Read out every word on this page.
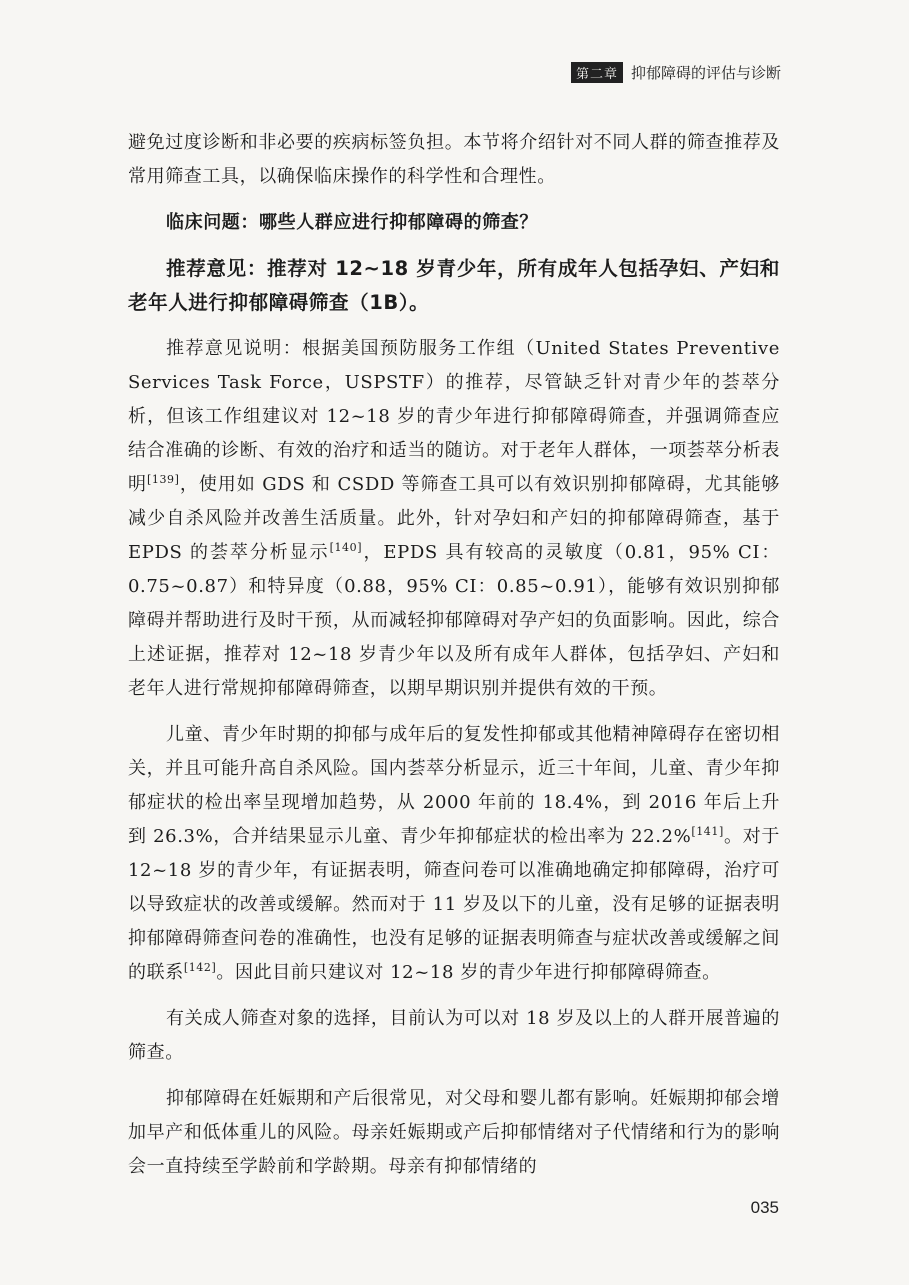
第二章 抑郁障碍的评估与诊断

避免过度诊断和非必要的疾病标签负担。本节将介绍针对不同人群的筛查推荐及常用筛查工具，以确保临床操作的科学性和合理性。

临床问题：哪些人群应进行抑郁障碍的筛查？

推荐意见：推荐对 12~18 岁青少年，所有成年人包括孕妇、产妇和老年人进行抑郁障碍筛查（1B）。

推荐意见说明：根据美国预防服务工作组（United States Preventive Services Task Force，USPSTF）的推荐，尽管缺乏针对青少年的荟萃分析，但该工作组建议对 12~18 岁的青少年进行抑郁障碍筛查，并强调筛查应结合准确的诊断、有效的治疗和适当的随访。对于老年人群体，一项荟萃分析表明[139]，使用如 GDS 和 CSDD 等筛查工具可以有效识别抑郁障碍，尤其能够减少自杀风险并改善生活质量。此外，针对孕妇和产妇的抑郁障碍筛查，基于 EPDS 的荟萃分析显示[140]，EPDS 具有较高的灵敏度（0.81，95% CI：0.75~0.87）和特异度（0.88，95% CI：0.85~0.91），能够有效识别抑郁障碍并帮助进行及时干预，从而减轻抑郁障碍对孕产妇的负面影响。因此，综合上述证据，推荐对 12~18 岁青少年以及所有成年人群体，包括孕妇、产妇和老年人进行常规抑郁障碍筛查，以期早期识别并提供有效的干预。

儿童、青少年时期的抑郁与成年后的复发性抑郁或其他精神障碍存在密切相关，并且可能升高自杀风险。国内荟萃分析显示，近三十年间，儿童、青少年抑郁症状的检出率呈现增加趋势，从 2000 年前的 18.4%，到 2016 年后上升到 26.3%，合并结果显示儿童、青少年抑郁症状的检出率为 22.2%[141]。对于 12~18 岁的青少年，有证据表明，筛查问卷可以准确地确定抑郁障碍，治疗可以导致症状的改善或缓解。然而对于 11 岁及以下的儿童，没有足够的证据表明抑郁障碍筛查问卷的准确性，也没有足够的证据表明筛查与症状改善或缓解之间的联系[142]。因此目前只建议对 12~18 岁的青少年进行抑郁障碍筛查。

有关成人筛查对象的选择，目前认为可以对 18 岁及以上的人群开展普遍的筛查。

抑郁障碍在妊娠期和产后很常见，对父母和婴儿都有影响。妊娠期抑郁会增加早产和低体重儿的风险。母亲妊娠期或产后抑郁情绪对子代情绪和行为的影响会一直持续至学龄前和学龄期。母亲有抑郁情绪的

035
